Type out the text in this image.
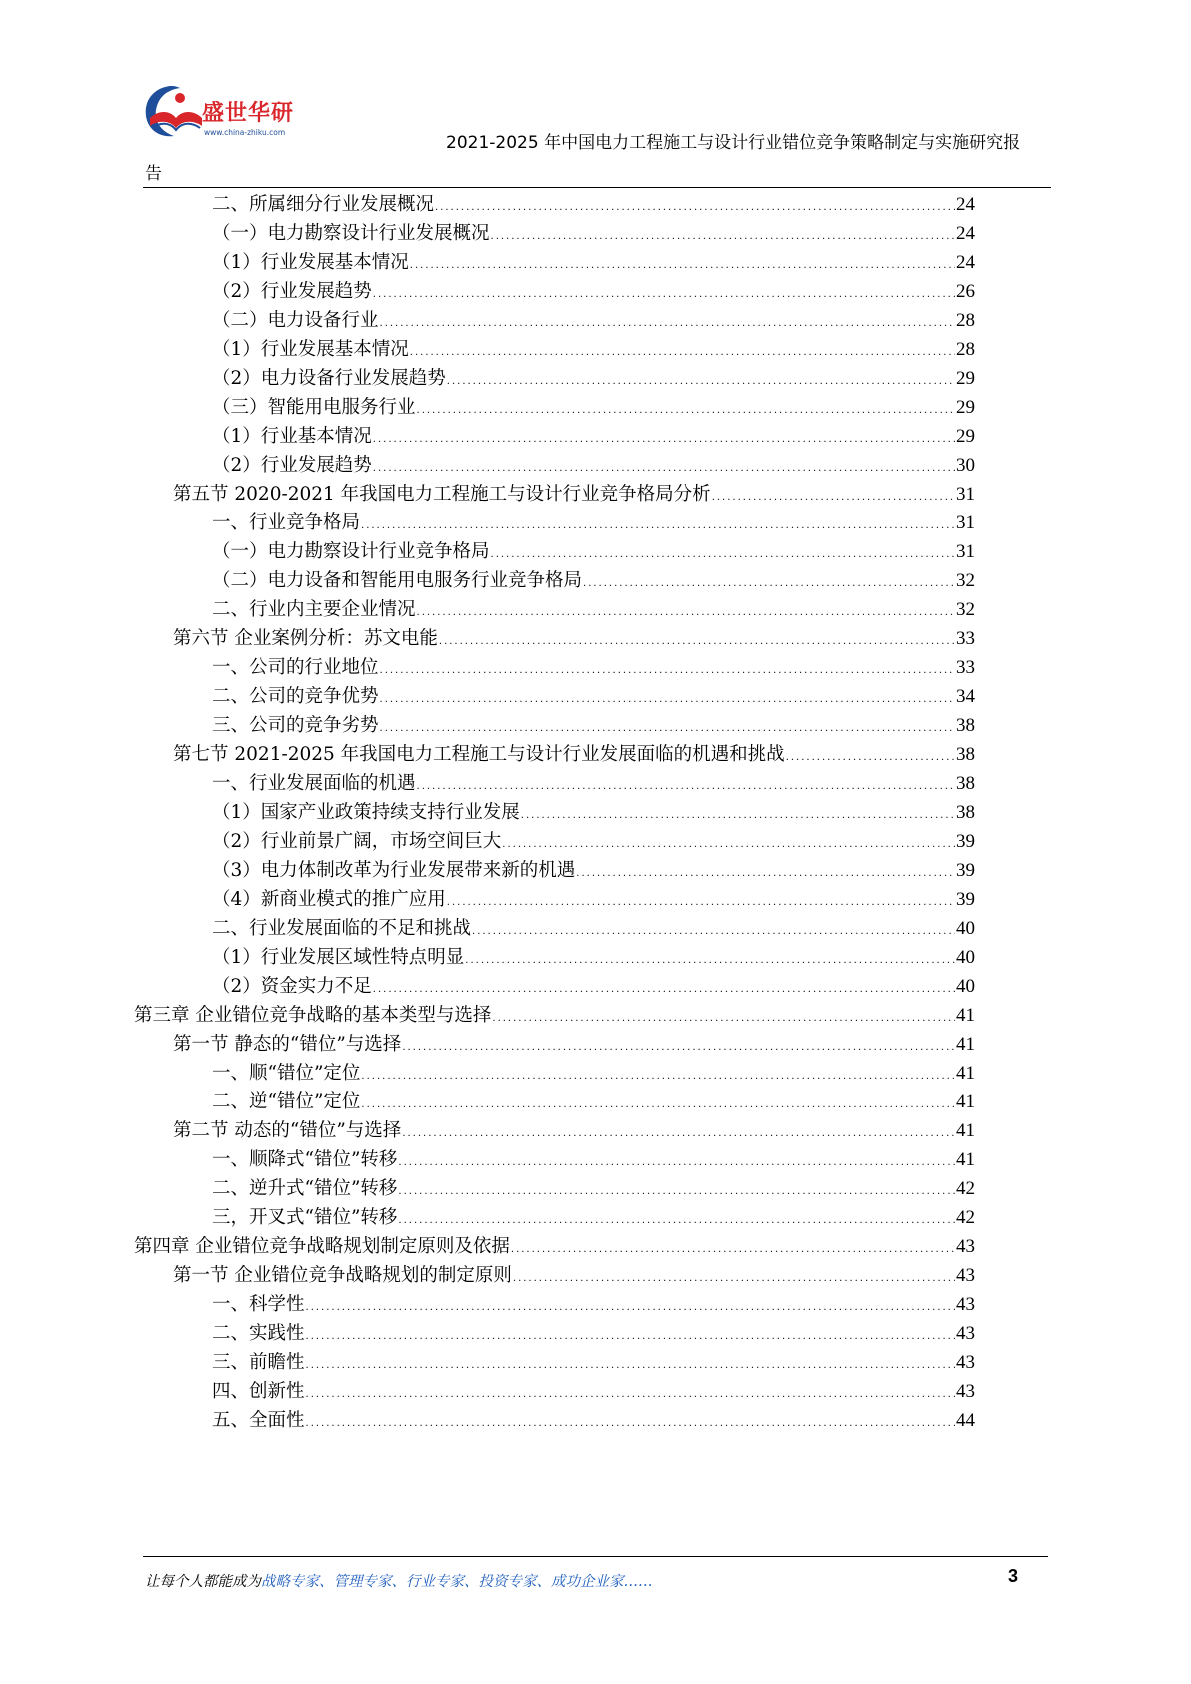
盛世华研
www.china-zhiku.com
2021-2025 年中国电力工程施工与设计行业错位竞争策略制定与实施研究报
告
二、所属细分行业发展概况 .....	24
（一）电力勘察设计行业发展概况 .....	24
（1）行业发展基本情况 .....	24
（2）行业发展趋势 .....	26
（二）电力设备行业 .....	28
（1）行业发展基本情况 .....	28
（2）电力设备行业发展趋势 .....	29
（三）智能用电服务行业 .....	29
（1）行业基本情况 .....	29
（2）行业发展趋势 .....	30
第五节 2020-2021 年我国电力工程施工与设计行业竞争格局分析 .....	31
一、行业竞争格局 .....	31
（一）电力勘察设计行业竞争格局 .....	31
（二）电力设备和智能用电服务行业竞争格局 .....	32
二、行业内主要企业情况 .....	32
第六节 企业案例分析：苏文电能 .....	33
一、公司的行业地位 .....	33
二、公司的竞争优势 .....	34
三、公司的竞争劣势 .....	38
第七节 2021-2025 年我国电力工程施工与设计行业发展面临的机遇和挑战 .....	38
一、行业发展面临的机遇 .....	38
（1）国家产业政策持续支持行业发展 .....	38
（2）行业前景广阔，市场空间巨大 .....	39
（3）电力体制改革为行业发展带来新的机遇 .....	39
（4）新商业模式的推广应用 .....	39
二、行业发展面临的不足和挑战 .....	40
（1）行业发展区域性特点明显 .....	40
（2）资金实力不足 .....	40
第三章 企业错位竞争战略的基本类型与选择 .....	41
第一节 静态的“错位”与选择 .....	41
一、顺“错位”定位 .....	41
二、逆“错位”定位 .....	41
第二节 动态的“错位”与选择 .....	41
一、顺降式“错位”转移 .....	41
二、逆升式“错位”转移 .....	42
三，开叉式“错位”转移 .....	42
第四章 企业错位竞争战略规划制定原则及依据 .....	43
第一节 企业错位竞争战略规划的制定原则 .....	43
一、科学性 .....	43
二、实践性 .....	43
三、前瞻性 .....	43
四、创新性 .....	43
五、全面性 .....	44
让每个人都能成为战略专家、管理专家、行业专家、投资专家、成功企业家……	3
